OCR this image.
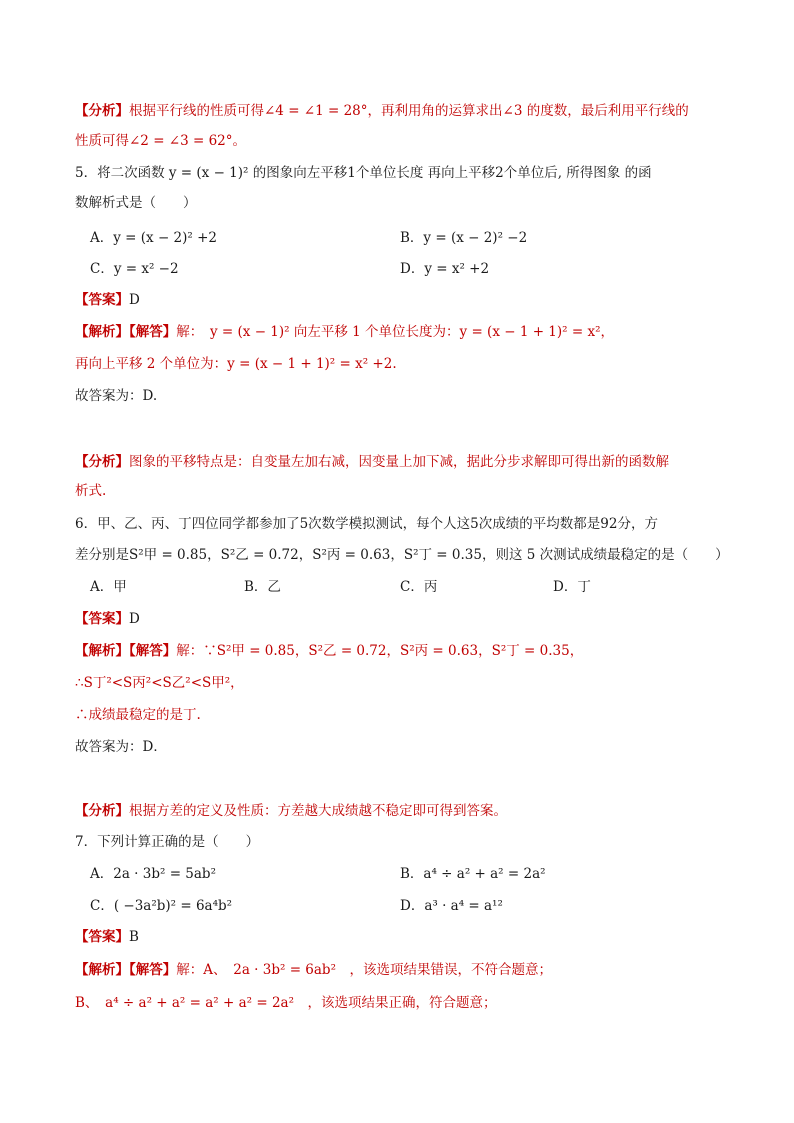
【分析】根据平行线的性质可得∠4 = ∠1 = 28°，再利用角的运算求出∠3 的度数，最后利用平行线的
性质可得∠2 = ∠3 = 62°。
5．将二次函数 y = (x − 1)² 的图象向左平移1个单位长度 再向上平移2个单位后, 所得图象 的函
数解析式是（　　）
A．y = (x − 2)² +2	B．y = (x − 2)² −2
C．y = x² −2	D．y = x² +2
【答案】D
【解析】【解答】解：　y = (x − 1)² 向左平移 1 个单位长度为：y = (x − 1 + 1)² = x²，
再向上平移 2 个单位为：y = (x − 1 + 1)² = x² +2.
故答案为：D.
【分析】图象的平移特点是：自变量左加右减，因变量上加下减，据此分步求解即可得出新的函数解
析式.
6．甲、乙、丙、丁四位同学都参加了5次数学模拟测试，每个人这5次成绩的平均数都是92分，方
差分别是S²甲 = 0.85，S²乙 = 0.72，S²丙 = 0.63，S²丁 = 0.35，则这 5 次测试成绩最稳定的是（　　）
A．甲	B．乙	C．丙	D．丁
【答案】D
【解析】【解答】解：∵S²甲 = 0.85，S²乙 = 0.72，S²丙 = 0.63，S²丁 = 0.35，
∴S丁²<S丙²<S乙²<S甲²，
∴成绩最稳定的是丁.
故答案为：D．
【分析】根据方差的定义及性质：方差越大成绩越不稳定即可得到答案。
7．下列计算正确的是（　　）
A．2a · 3b² = 5ab²	B．a⁴ ÷ a² + a² = 2a²
C．( −3a²b)² = 6a⁴b²	D．a³ · a⁴ = a¹²
【答案】B
【解析】【解答】解：A、　2a · 3b² = 6ab²　，该选项结果错误，不符合题意；
B、　a⁴ ÷ a² + a² = a² + a² = 2a²　，该选项结果正确，符合题意；
